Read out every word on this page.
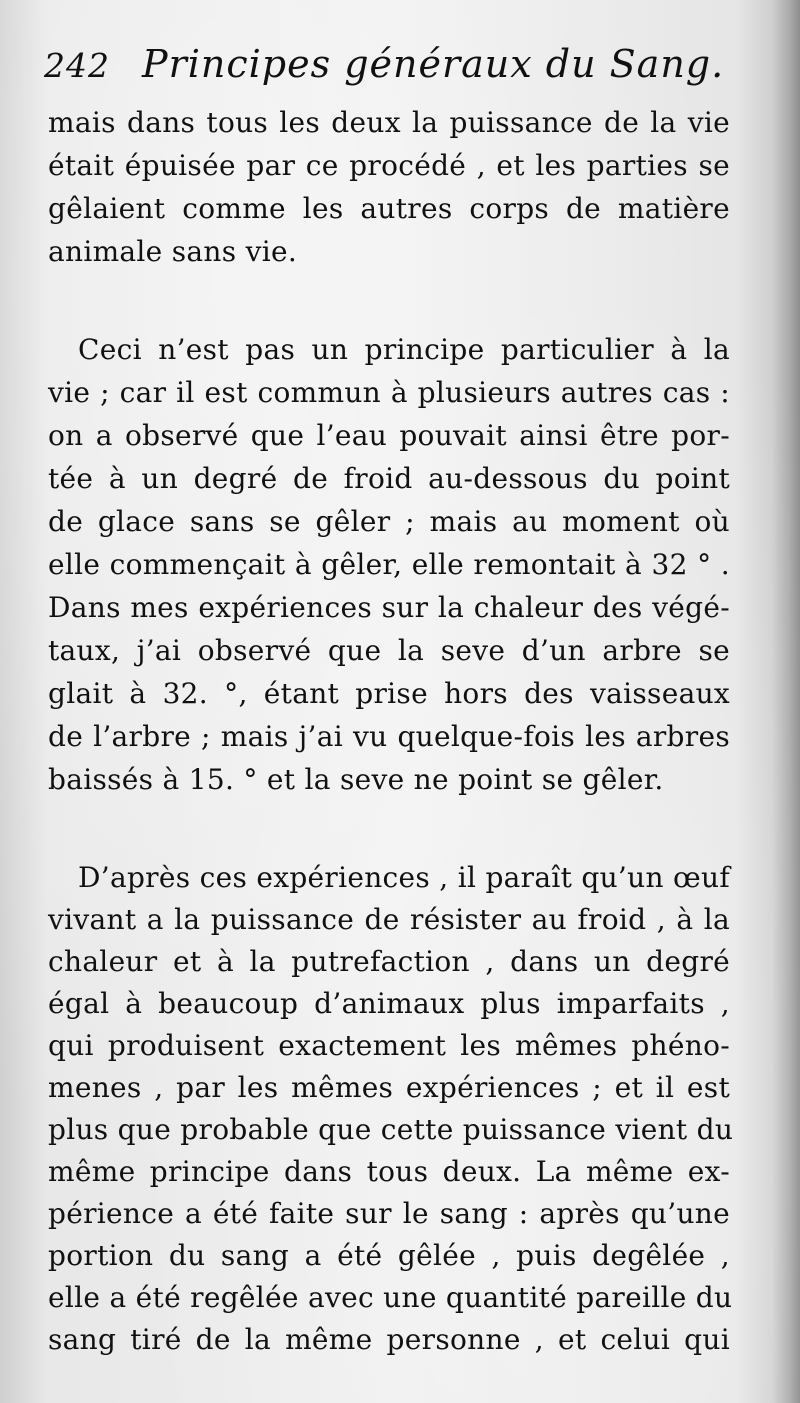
242 Principes généraux du Sang.
mais dans tous les deux la puissance de la vie
était épuisée par ce procédé , et les parties se
gêlaient comme les autres corps de matière
animale sans vie.
Ceci n’est pas un principe particulier à la
vie ; car il est commun à plusieurs autres cas :
on a observé que l’eau pouvait ainsi être por-
tée à un degré de froid au-dessous du point
de glace sans se gêler ; mais au moment où
elle commençait à gêler, elle remontait à 32 ° .
Dans mes expériences sur la chaleur des végé-
taux, j’ai observé que la seve d’un arbre se
glait à 32. °, étant prise hors des vaisseaux
de l’arbre ; mais j’ai vu quelque-fois les arbres
baissés à 15. ° et la seve ne point se gêler.
D’après ces expériences , il paraît qu’un œuf
vivant a la puissance de résister au froid , à la
chaleur et à la putrefaction , dans un degré
égal à beaucoup d’animaux plus imparfaits ,
qui produisent exactement les mêmes phéno-
menes , par les mêmes expériences ; et il est
plus que probable que cette puissance vient du
même principe dans tous deux. La même ex-
périence a été faite sur le sang : après qu’une
portion du sang a été gêlée , puis degêlée ,
elle a été regêlée avec une quantité pareille du
sang tiré de la même personne , et celui qui
